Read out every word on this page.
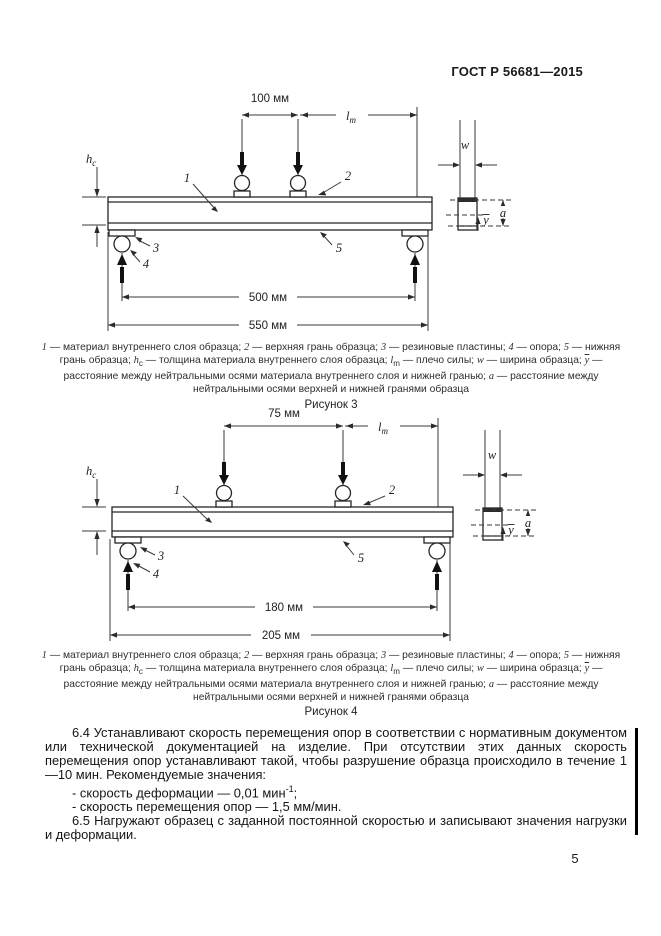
ГОСТ Р 56681—2015
100 мм
$l_m$
$h_c$
1	2
3
4
5
500 мм
550 мм
w
a
y

1 — материал внутреннего слоя образца; 2 — верхняя грань образца; 3 — резиновые пластины; 4 — опора; 5 — нижняя грань образца; $h_c$ — толщина материала внутреннего слоя образца; $l_m$ — плечо силы; w — ширина образца; $\overline{y}$ — расстояние между нейтральными осями материала внутреннего слоя и нижней гранью; a — расстояние между нейтральными осями верхней и нижней гранями образца

Рисунок 3

75 мм
$l_m$
$h_c$
1	2
3
4
5
180 мм
205 мм
w
a
y

1 — материал внутреннего слоя образца; 2 — верхняя грань образца; 3 — резиновые пластины; 4 — опора; 5 — нижняя грань образца; $h_c$ — толщина материала внутреннего слоя образца; $l_m$ — плечо силы; w — ширина образца; $\overline{y}$ — расстояние между нейтральными осями материала внутреннего слоя и нижней гранью; a — расстояние между нейтральными осями верхней и нижней гранями образца

Рисунок 4

6.4 Устанавливают скорость перемещения опор в соответствии с нормативным документом или технической документацией на изделие. При отсутствии этих данных скорость перемещения опор устанавливают такой, чтобы разрушение образца происходило в течение 1—10 мин. Рекомендуемые значения:

- скорость деформации — 0,01 мин$^{-1}$;

- скорость перемещения опор — 1,5 мм/мин.

6.5 Нагружают образец с заданной постоянной скоростью и записывают значения нагрузки и деформации.

5
